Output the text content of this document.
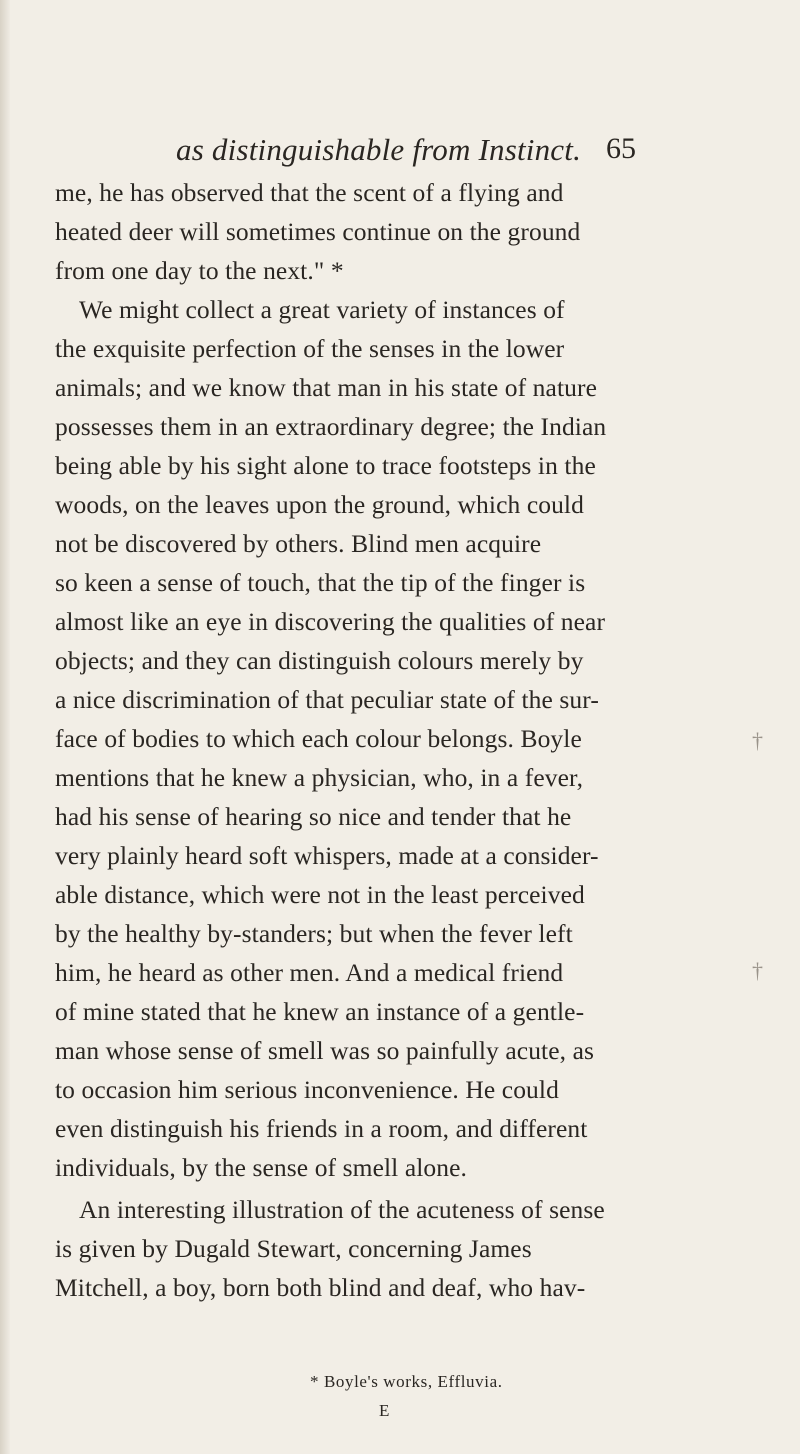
as distinguishable from Instinct. 65
me, he has observed that the scent of a flying and
heated deer will sometimes continue on the ground
from one day to the next." *
We might collect a great variety of instances of
the exquisite perfection of the senses in the lower
animals; and we know that man in his state of nature
possesses them in an extraordinary degree; the Indian
being able by his sight alone to trace footsteps in the
woods, on the leaves upon the ground, which could
not be discovered by others. Blind men acquire
so keen a sense of touch, that the tip of the finger is
almost like an eye in discovering the qualities of near
objects; and they can distinguish colours merely by
a nice discrimination of that peculiar state of the sur-
face of bodies to which each colour belongs. Boyle
mentions that he knew a physician, who, in a fever,
had his sense of hearing so nice and tender that he
very plainly heard soft whispers, made at a consider-
able distance, which were not in the least perceived
by the healthy by-standers; but when the fever left
him, he heard as other men. And a medical friend
of mine stated that he knew an instance of a gentle-
man whose sense of smell was so painfully acute, as
to occasion him serious inconvenience. He could
even distinguish his friends in a room, and different
individuals, by the sense of smell alone.
An interesting illustration of the acuteness of sense
is given by Dugald Stewart, concerning James
Mitchell, a boy, born both blind and deaf, who hav-
* Boyle's works, Effluvia.
E
†
†
